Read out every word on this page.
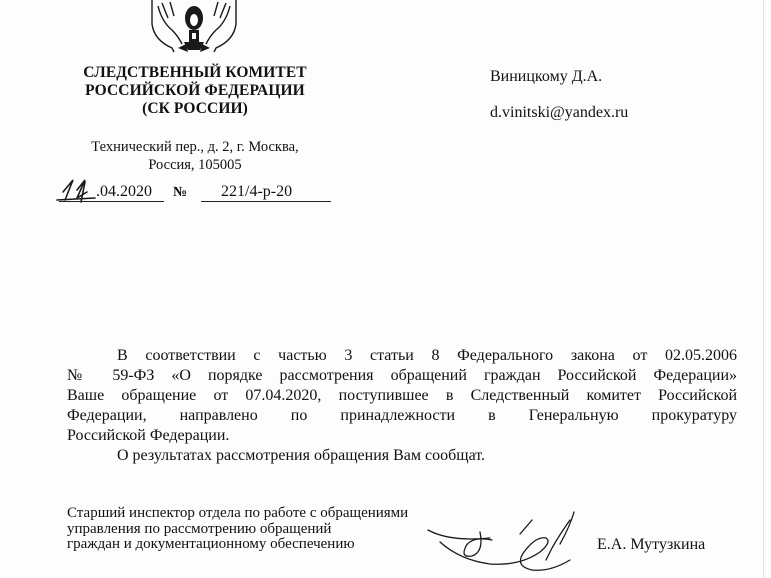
СЛЕДСТВЕННЫЙ КОМИТЕТ
РОССИЙСКОЙ ФЕДЕРАЦИИ
(СК РОССИИ)
Технический пер., д. 2, г. Москва,
Россия, 105005
.04.2020 № 221/4-р-20
Виницкому Д.А.
d.vinitski@yandex.ru
В соответствии с частью 3 статьи 8 Федерального закона от 02.05.2006
№ 59-ФЗ «О порядке рассмотрения обращений граждан Российской Федерации»
Ваше обращение от 07.04.2020, поступившее в Следственный комитет Российской
Федерации, направлено по принадлежности в Генеральную прокуратуру
Российской Федерации.
О результатах рассмотрения обращения Вам сообщат.
Старший инспектор отдела по работе с обращениями
управления по рассмотрению обращений
граждан и документационному обеспечению	Е.А. Мутузкина
